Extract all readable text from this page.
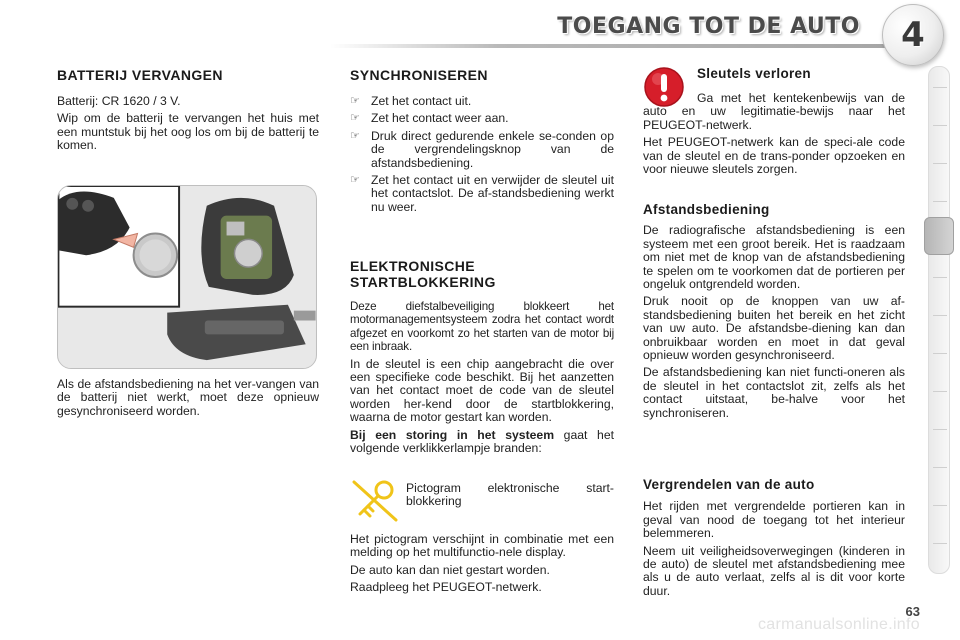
TOEGANG TOT DE AUTO 4
BATTERIJ VERVANGEN

Batterij: CR 1620 / 3 V.

Wip om de batterij te vervangen het huis met een muntstuk bij het oog los om bij de batterij te komen.

Als de afstandsbediening na het ver-vangen van de batterij niet werkt, moet deze opnieuw gesynchroniseerd worden.

SYNCHRONISEREN
☞ Zet het contact uit.
☞ Zet het contact weer aan.
☞ Druk direct gedurende enkele se-conden op de vergrendelingsknop van de afstandsbediening.
☞ Zet het contact uit en verwijder de sleutel uit het contactslot. De af-standsbediening werkt nu weer.
ELEKTRONISCHE
STARTBLOKKERING

Deze diefstalbeveiliging blokkeert het motormanagementsysteem zodra het contact wordt afgezet en voorkomt zo het starten van de motor bij een inbraak.

In de sleutel is een chip aangebracht die over een specifieke code beschikt. Bij het aanzetten van het contact moet de code van de sleutel worden her-kend door de startblokkering, waarna de motor gestart kan worden.

Bij een storing in het systeem gaat het volgende verklikkerlampje branden:

Pictogram elektronische start-blokkering

Het pictogram verschijnt in combinatie met een melding op het multifunctio-nele display.

De auto kan dan niet gestart worden.

Raadpleeg het PEUGEOT-netwerk.

Sleutels verloren

Ga met het kentekenbewijs van de auto en uw legitimatie-bewijs naar het PEUGEOT-netwerk.

Het PEUGEOT-netwerk kan de speci-ale code van de sleutel en de trans-ponder opzoeken en voor nieuwe sleutels zorgen.

Afstandsbediening

De radiografische afstandsbediening is een systeem met een groot bereik. Het is raadzaam om niet met de knop van de afstandsbediening te spelen om te voorkomen dat de portieren per ongeluk ontgrendeld worden.

Druk nooit op de knoppen van uw af-standsbediening buiten het bereik en het zicht van uw auto. De afstandsbe-diening kan dan onbruikbaar worden en moet in dat geval opnieuw worden gesynchroniseerd.

De afstandsbediening kan niet functi-oneren als de sleutel in het contactslot zit, zelfs als het contact uitstaat, be-halve voor het synchroniseren.

Vergrendelen van de auto

Het rijden met vergrendelde portieren kan in geval van nood de toegang tot het interieur belemmeren.

Neem uit veiligheidsoverwegingen (kinderen in de auto) de sleutel met afstandsbediening mee als u de auto verlaat, zelfs al is dit voor korte duur.

63
carmanualsonline.info
